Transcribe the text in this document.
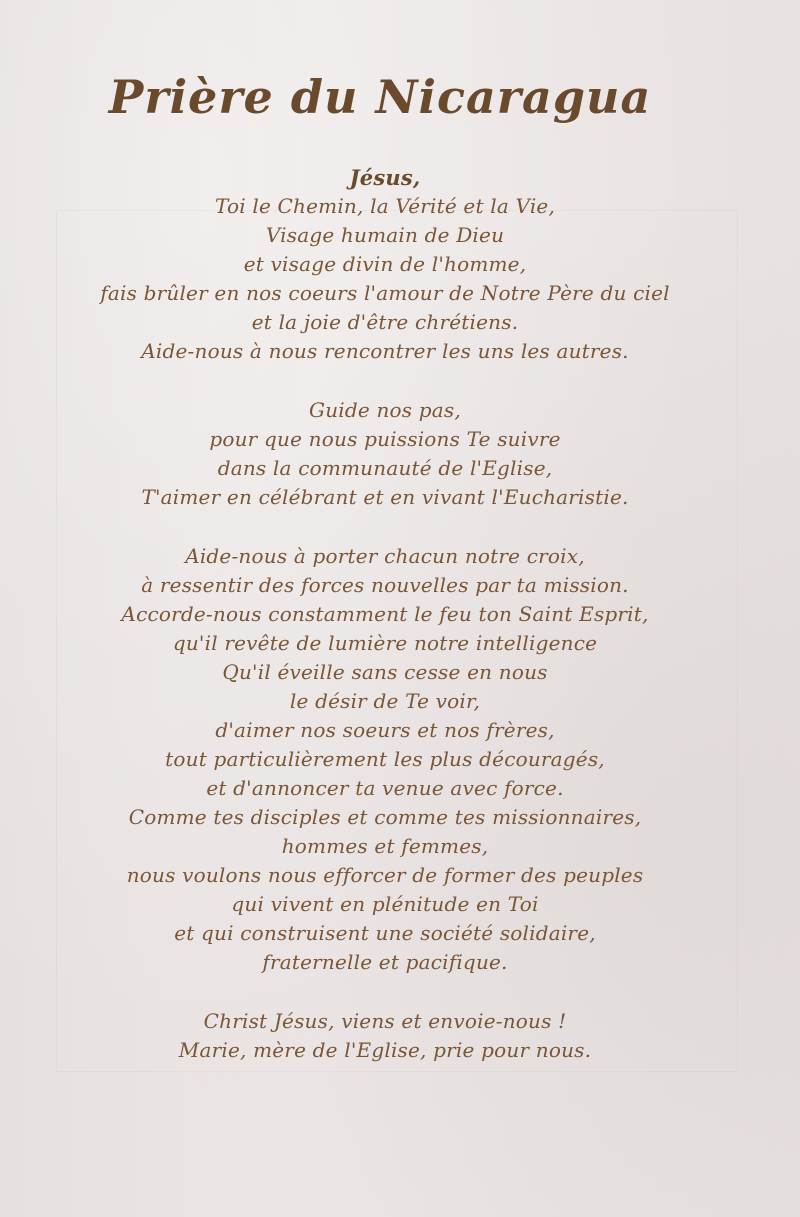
Prière du Nicaragua
Jésus,
Toi le Chemin, la Vérité et la Vie,
Visage humain de Dieu
et visage divin de l'homme,
fais brûler en nos coeurs l'amour de Notre Père du ciel
et la joie d'être chrétiens.
Aide-nous à nous rencontrer les uns les autres.
Guide nos pas,
pour que nous puissions Te suivre
dans la communauté de l'Eglise,
T'aimer en célébrant et en vivant l'Eucharistie.
Aide-nous à porter chacun notre croix,
à ressentir des forces nouvelles par ta mission.
Accorde-nous constamment le feu ton Saint Esprit,
qu'il revête de lumière notre intelligence
Qu'il éveille sans cesse en nous
le désir de Te voir,
d'aimer nos soeurs et nos frères,
tout particulièrement les plus découragés,
et d'annoncer ta venue avec force.
Comme tes disciples et comme tes missionnaires,
hommes et femmes,
nous voulons nous efforcer de former des peuples
qui vivent en plénitude en Toi
et qui construisent une société solidaire,
fraternelle et pacifique.
Christ Jésus, viens et envoie-nous !
Marie, mère de l'Eglise, prie pour nous.
